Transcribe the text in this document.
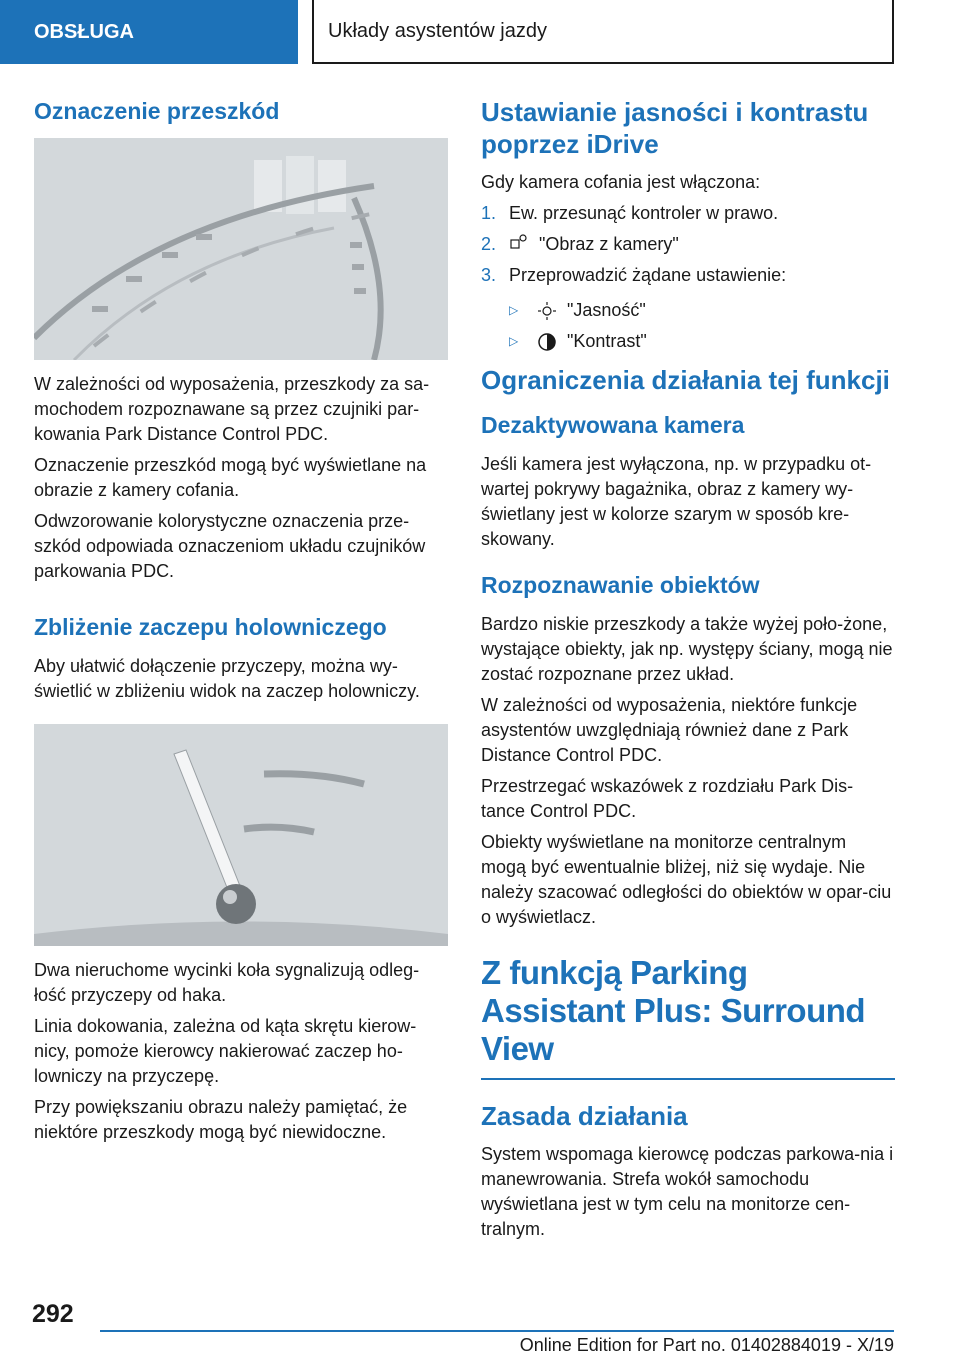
OBSŁUGA	Układy asystentów jazdy
Oznaczenie przeszkód

W zależności od wyposażenia, przeszkody za sa-mochodem rozpoznawane są przez czujniki par-kowania Park Distance Control PDC.

Oznaczenie przeszkód mogą być wyświetlane na obrazie z kamery cofania.

Odwzorowanie kolorystyczne oznaczenia prze-szkód odpowiada oznaczeniom układu czujników parkowania PDC.

Zbliżenie zaczepu holowniczego

Aby ułatwić dołączenie przyczepy, można wy-świetlić w zbliżeniu widok na zaczep holowniczy.

Dwa nieruchome wycinki koła sygnalizują odleg-łość przyczepy od haka.

Linia dokowania, zależna od kąta skrętu kierow-nicy, pomoże kierowcy nakierować zaczep ho-lowniczy na przyczepę.

Przy powiększaniu obrazu należy pamiętać, że niektóre przeszkody mogą być niewidoczne.

Ustawianie jasności i kontrastu poprzez iDrive

Gdy kamera cofania jest włączona:

1. Ew. przesunąć kontroler w prawo.
2.	"Obraz z kamery"
3. Przeprowadzić żądane ustawienie:
▷	"Jasność"
▷	"Kontrast"
Ograniczenia działania tej funkcji
Dezaktywowana kamera

Jeśli kamera jest wyłączona, np. w przypadku ot-wartej pokrywy bagażnika, obraz z kamery wy-świetlany jest w kolorze szarym w sposób kre-skowany.

Rozpoznawanie obiektów

Bardzo niskie przeszkody a także wyżej poło-żone, wystające obiekty, jak np. występy ściany, mogą nie zostać rozpoznane przez układ.

W zależności od wyposażenia, niektóre funkcje asystentów uwzględniają również dane z Park Distance Control PDC.

Przestrzegać wskazówek z rozdziału Park Dis-tance Control PDC.

Obiekty wyświetlane na monitorze centralnym mogą być ewentualnie bliżej, niż się wydaje. Nie należy szacować odległości do obiektów w opar-ciu o wyświetlacz.

Z funkcją Parking Assistant Plus: Surround View
Zasada działania

System wspomaga kierowcę podczas parkowa-nia i manewrowania. Strefa wokół samochodu wyświetlana jest w tym celu na monitorze cen-tralnym.

292
Online Edition for Part no. 01402884019 - X/19
